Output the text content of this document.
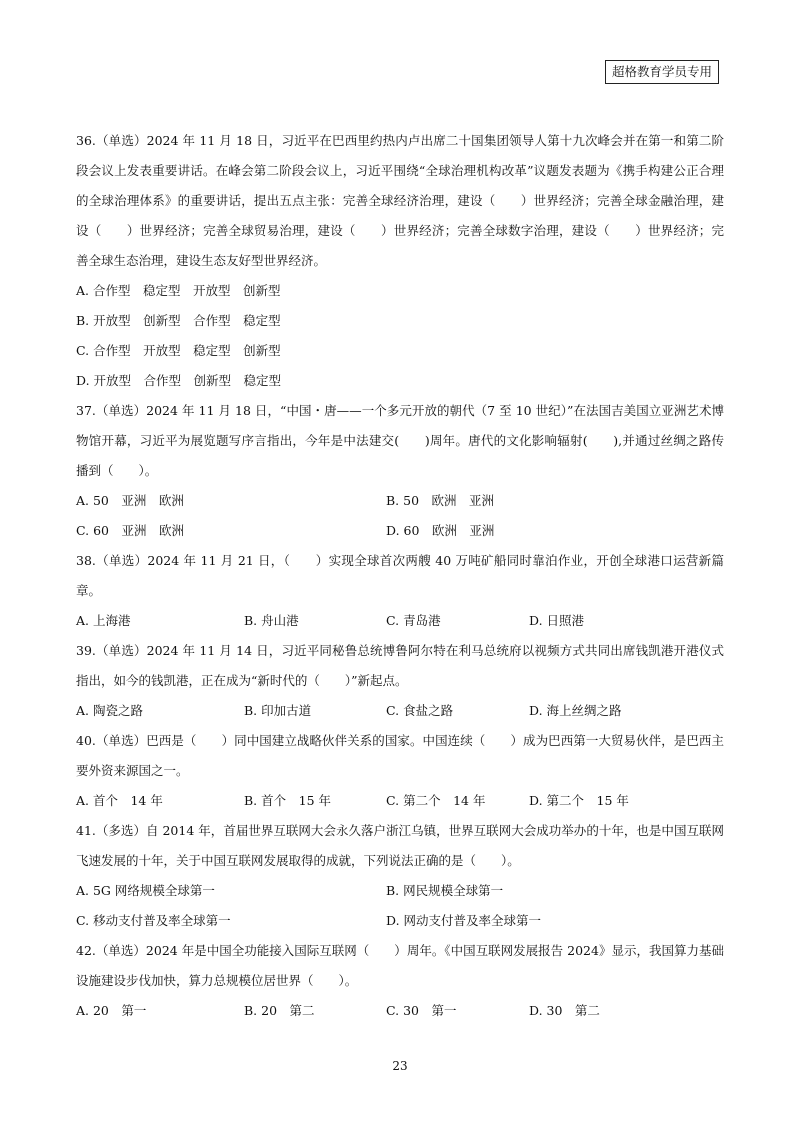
超格教育学员专用

36.（单选）2024 年 11 月 18 日，习近平在巴西里约热内卢出席二十国集团领导人第十九次峰会并在第一和第二阶段会议上发表重要讲话。在峰会第二阶段会议上，习近平围绕“全球治理机构改革”议题发表题为《携手构建公正合理的全球治理体系》的重要讲话，提出五点主张：完善全球经济治理，建设（　　）世界经济；完善全球金融治理，建设（　　）世界经济；完善全球贸易治理，建设（　　）世界经济；完善全球数字治理，建设（　　）世界经济；完善全球生态治理，建设生态友好型世界经济。

A. 合作型　稳定型　开放型　创新型
B. 开放型　创新型　合作型　稳定型
C. 合作型　开放型　稳定型　创新型
D. 开放型　合作型　创新型　稳定型

37.（单选）2024 年 11 月 18 日，“中国・唐——一个多元开放的朝代（7 至 10 世纪）”在法国吉美国立亚洲艺术博物馆开幕，习近平为展览题写序言指出，今年是中法建交(　　)周年。唐代的文化影响辐射(　　),并通过丝绸之路传播到（　　）。

A. 50　亚洲　欧洲	B. 50　欧洲　亚洲
C. 60　亚洲　欧洲	D. 60　欧洲　亚洲

38.（单选）2024 年 11 月 21 日，（　　）实现全球首次两艘 40 万吨矿船同时靠泊作业，开创全球港口运营新篇章。

A. 上海港	B. 舟山港	C. 青岛港	D. 日照港

39.（单选）2024 年 11 月 14 日，习近平同秘鲁总统博鲁阿尔特在利马总统府以视频方式共同出席钱凯港开港仪式指出，如今的钱凯港，正在成为“新时代的（　　）”新起点。

A. 陶瓷之路	B. 印加古道	C. 食盐之路	D. 海上丝绸之路

40.（单选）巴西是（　　）同中国建立战略伙伴关系的国家。中国连续（　　）成为巴西第一大贸易伙伴，是巴西主要外资来源国之一。

A. 首个　14 年	B. 首个　15 年	C. 第二个　14 年	D. 第二个　15 年

41.（多选）自 2014 年，首届世界互联网大会永久落户浙江乌镇，世界互联网大会成功举办的十年，也是中国互联网飞速发展的十年，关于中国互联网发展取得的成就，下列说法正确的是（　　）。

A. 5G 网络规模全球第一	B. 网民规模全球第一
C. 移动支付普及率全球第一	D. 网动支付普及率全球第一

42.（单选）2024 年是中国全功能接入国际互联网（　　）周年。《中国互联网发展报告 2024》显示，我国算力基础设施建设步伐加快，算力总规模位居世界（　　）。

A. 20　第一	B. 20　第二	C. 30　第一	D. 30　第二
23
